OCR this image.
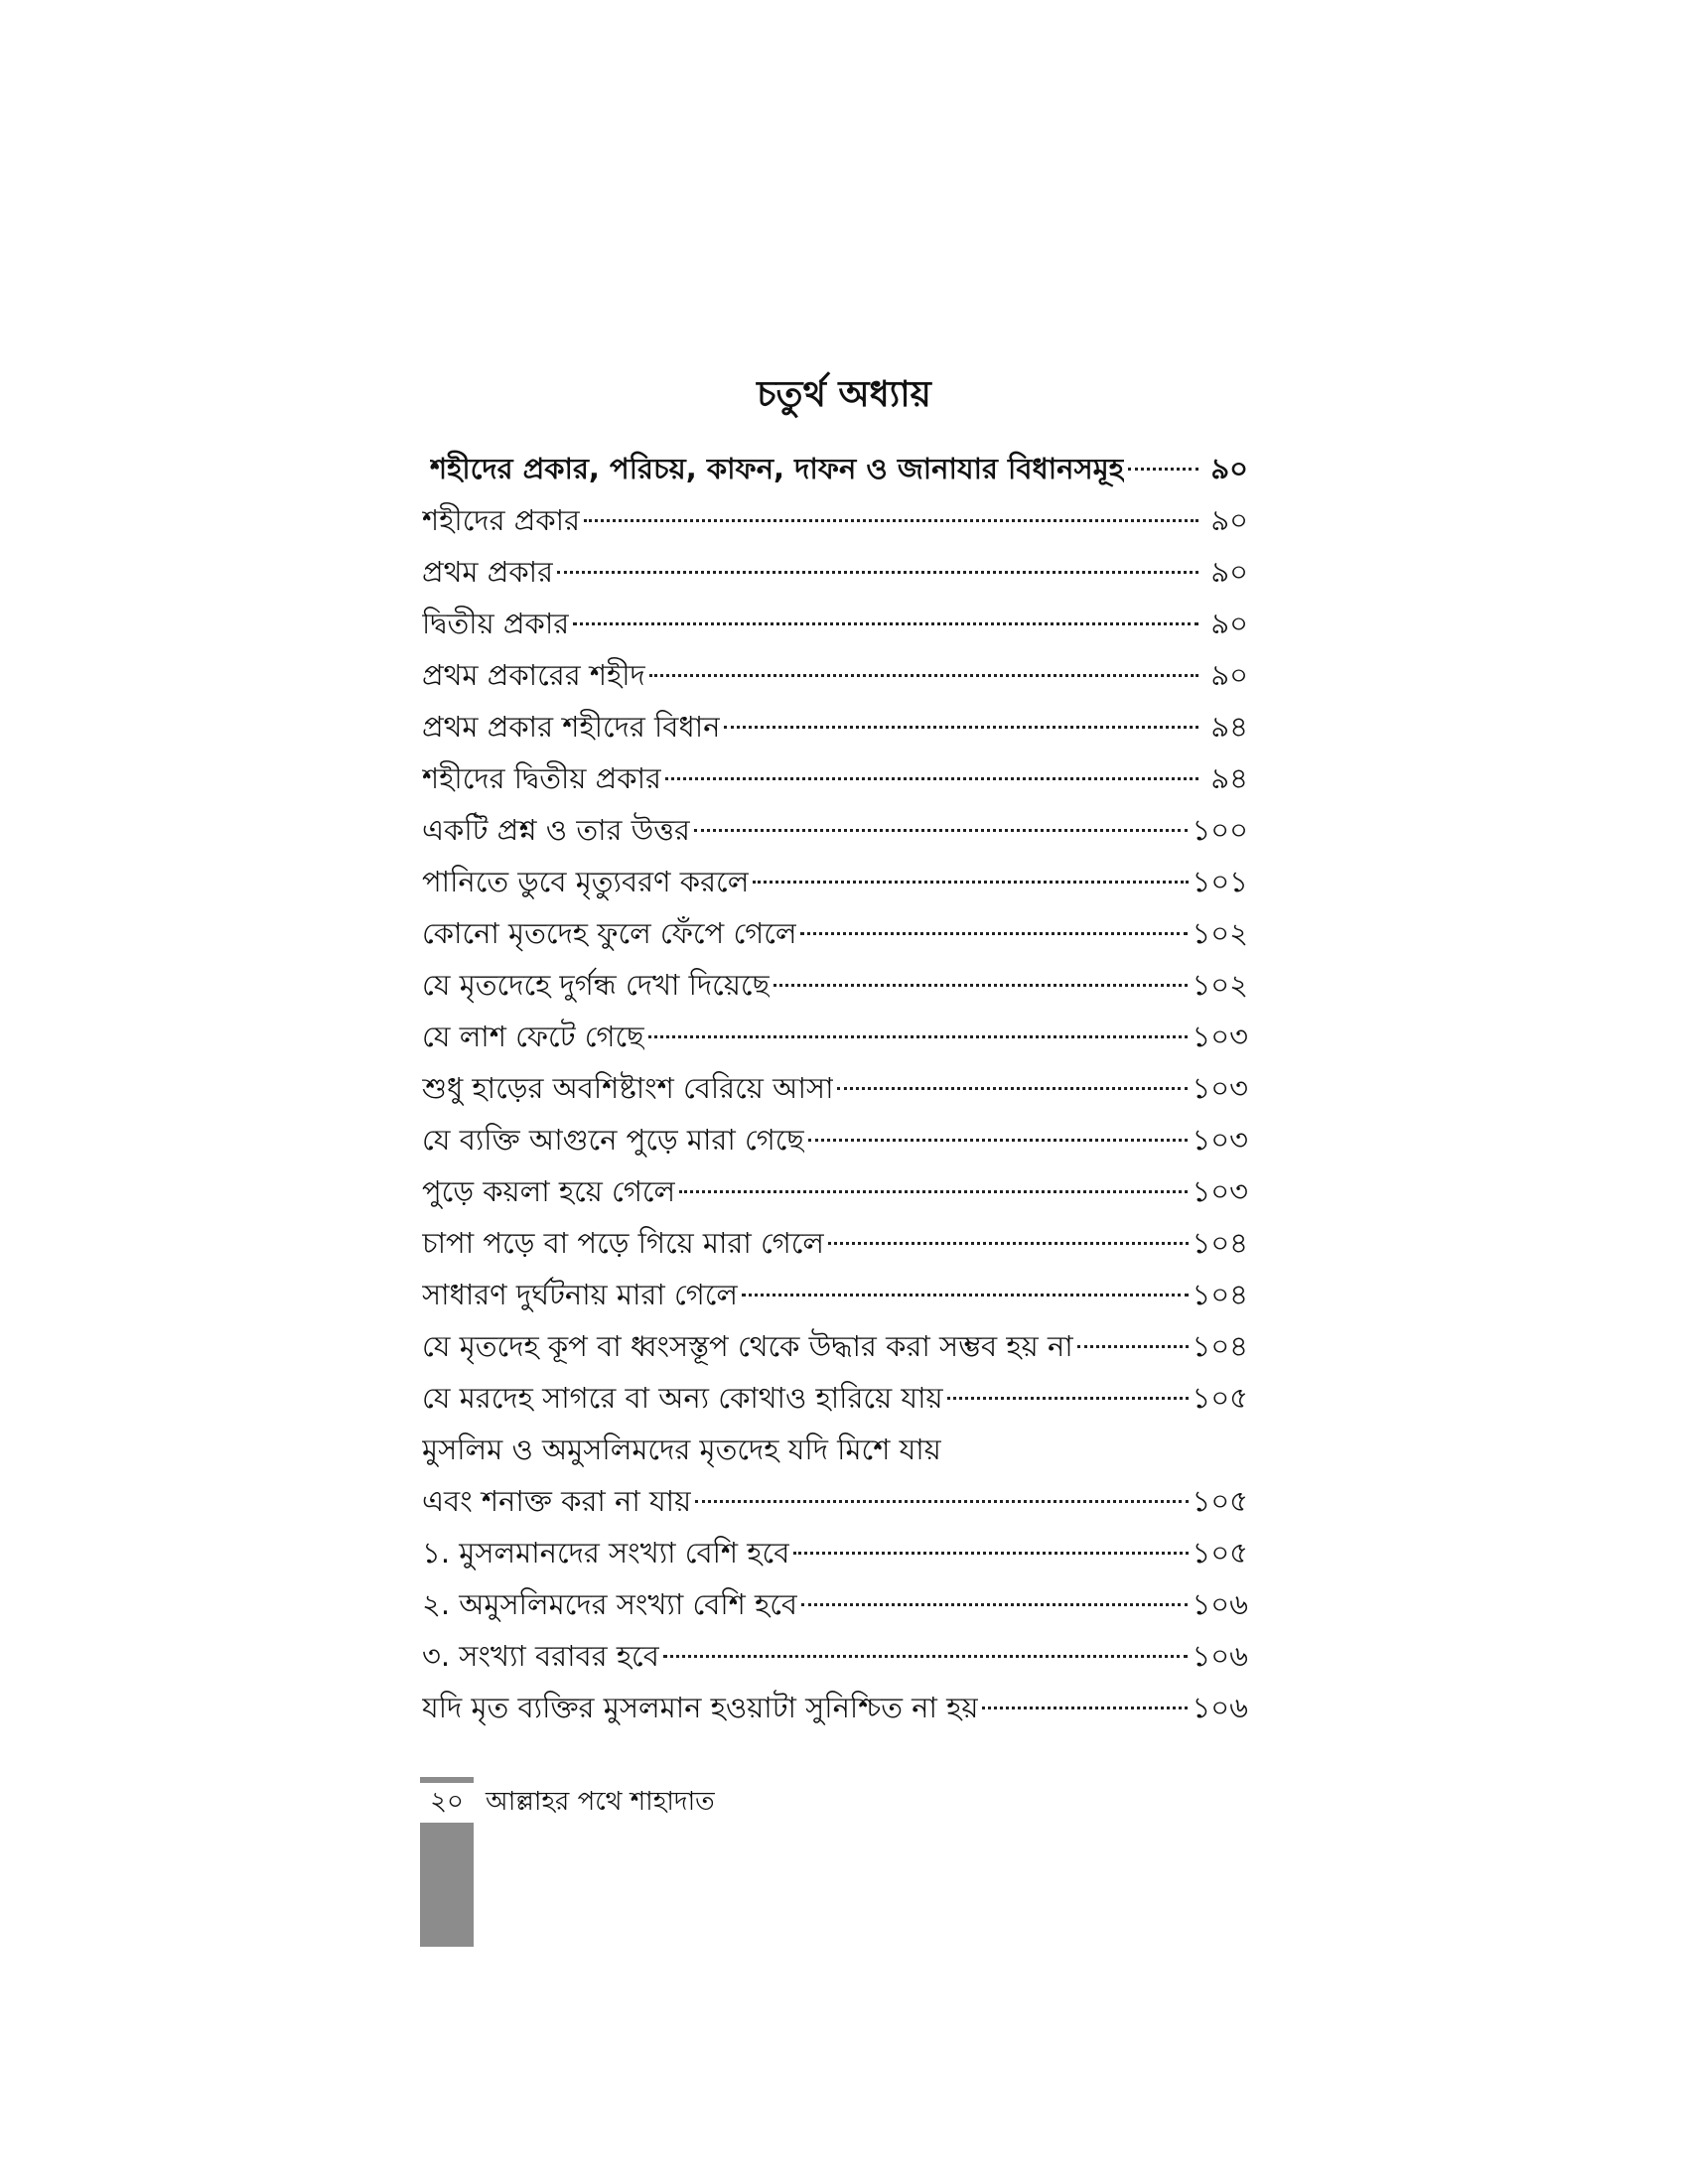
চতুর্থ অধ্যায়
শহীদের প্রকার, পরিচয়, কাফন, দাফন ও জানাযার বিধানসমূহ	৯০
শহীদের প্রকার	৯০
প্রথম প্রকার	৯০
দ্বিতীয় প্রকার	৯০
প্রথম প্রকারের শহীদ	৯০
প্রথম প্রকার শহীদের বিধান	৯৪
শহীদের দ্বিতীয় প্রকার	৯৪
একটি প্রশ্ন ও তার উত্তর	১০০
পানিতে ডুবে মৃত্যুবরণ করলে	১০১
কোনো মৃতদেহ ফুলে ফেঁপে গেলে	১০২
যে মৃতদেহে দুর্গন্ধ দেখা দিয়েছে	১০২
যে লাশ ফেটে গেছে	১০৩
শুধু হাড়ের অবশিষ্টাংশ বেরিয়ে আসা	১০৩
যে ব্যক্তি আগুনে পুড়ে মারা গেছে	১০৩
পুড়ে কয়লা হয়ে গেলে	১০৩
চাপা পড়ে বা পড়ে গিয়ে মারা গেলে	১০৪
সাধারণ দুর্ঘটনায় মারা গেলে	১০৪
যে মৃতদেহ কূপ বা ধ্বংসস্তূপ থেকে উদ্ধার করা সম্ভব হয় না	১০৪
যে মরদেহ সাগরে বা অন্য কোথাও হারিয়ে যায়	১০৫
মুসলিম ও অমুসলিমদের মৃতদেহ যদি মিশে যায়
এবং শনাক্ত করা না যায়	১০৫
১. মুসলমানদের সংখ্যা বেশি হবে	১০৫
২. অমুসলিমদের সংখ্যা বেশি হবে	১০৬
৩. সংখ্যা বরাবর হবে	১০৬
যদি মৃত ব্যক্তির মুসলমান হওয়াটা সুনিশ্চিত না হয়	১০৬
২০ আল্লাহর পথে শাহাদাত
